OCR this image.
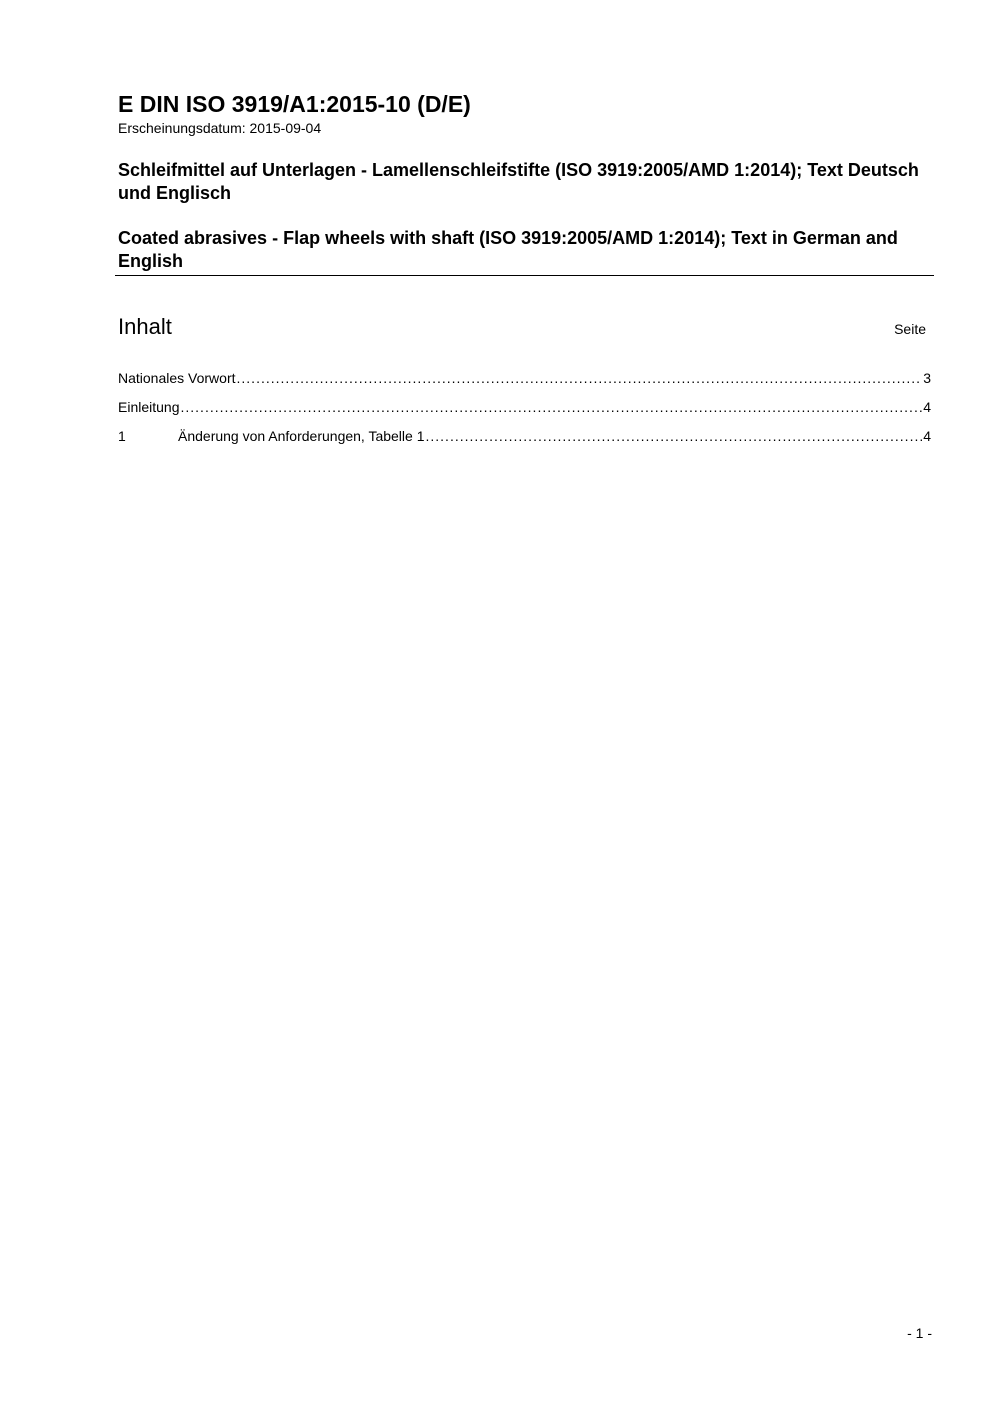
E DIN ISO 3919/A1:2015-10 (D/E)
Erscheinungsdatum: 2015-09-04
Schleifmittel auf Unterlagen - Lamellenschleifstifte (ISO 3919:2005/AMD 1:2014); Text Deutsch und Englisch
Coated abrasives - Flap wheels with shaft (ISO 3919:2005/AMD 1:2014); Text in German and English
Inhalt	Seite
Nationales Vorwort .....	3
Einleitung .....	4
1	Änderung von Anforderungen, Tabelle 1 .....	4
- 1 -
